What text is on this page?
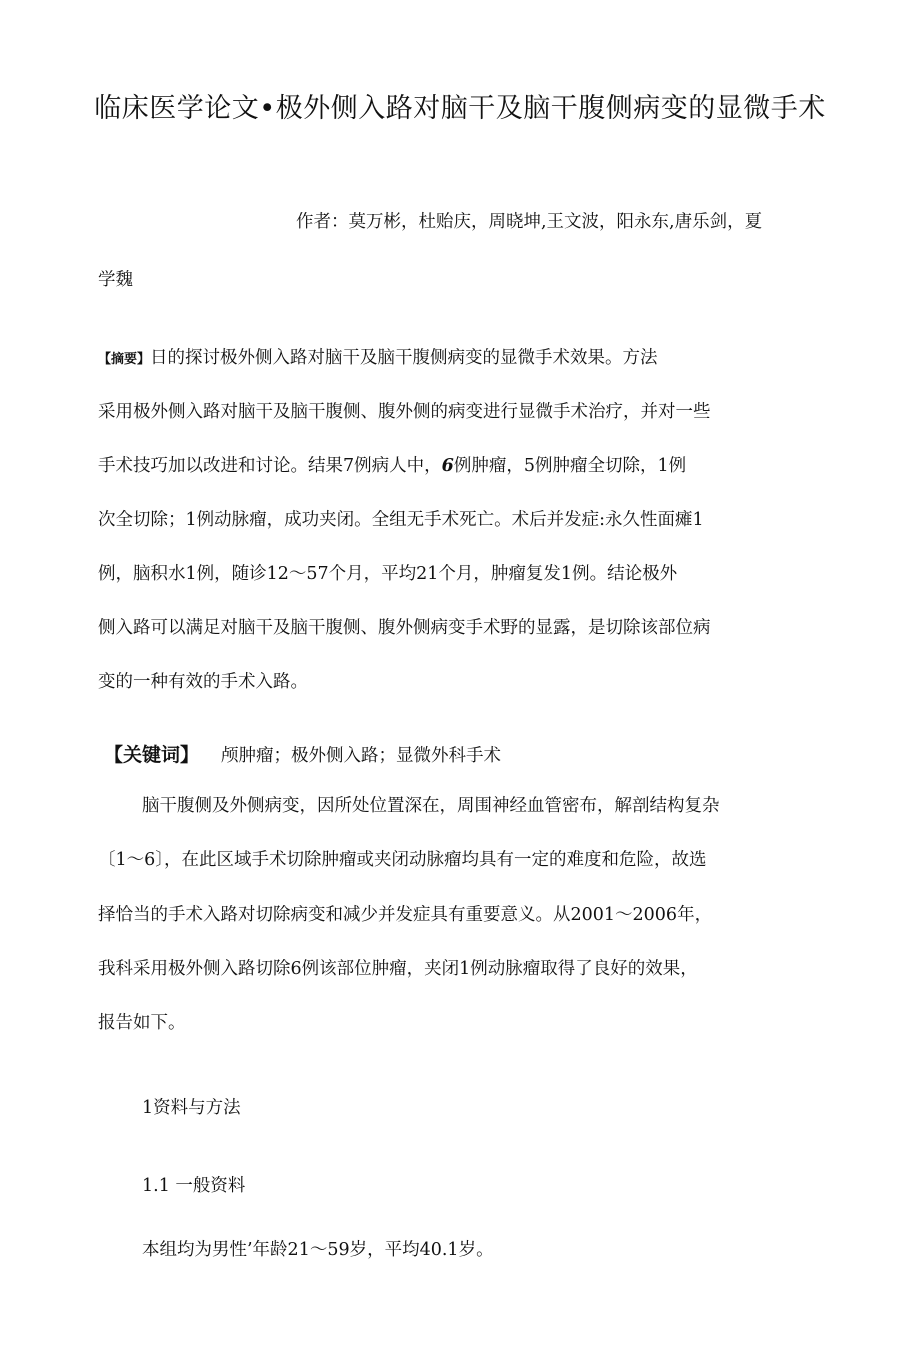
临床医学论文•极外侧入路对脑干及脑干腹侧病变的显微手术
作者：莫万彬，杜贻庆，周晓坤,王文波，阳永东,唐乐剑，夏
学魏
【摘要】日的探讨极外侧入路对脑干及脑干腹侧病变的显微手术效果。方法
采用极外侧入路对脑干及脑干腹侧、腹外侧的病变进行显微手术治疗，并对一些
手术技巧加以改进和讨论。结果7例病人中，6例肿瘤，5例肿瘤全切除，1例
次全切除；1例动脉瘤，成功夹闭。全组无手术死亡。术后并发症:永久性面瘫1
例，脑积水1例，随诊12～57个月，平均21个月，肿瘤复发1例。结论极外
侧入路可以满足对脑干及脑干腹侧、腹外侧病变手术野的显露，是切除该部位病
变的一种有效的手术入路。
【关键词】 颅肿瘤；极外侧入路；显微外科手术
脑干腹侧及外侧病变，因所处位置深在，周围神经血管密布，解剖结构复杂
〔1～6〕，在此区域手术切除肿瘤或夹闭动脉瘤均具有一定的难度和危险，故选
择恰当的手术入路对切除病变和减少并发症具有重要意义。从2001～2006年，
我科采用极外侧入路切除6例该部位肿瘤，夹闭1例动脉瘤取得了良好的效果，
报告如下。
1资料与方法
1.1 一般资料
本组均为男性’年龄21～59岁，平均40.1岁。
